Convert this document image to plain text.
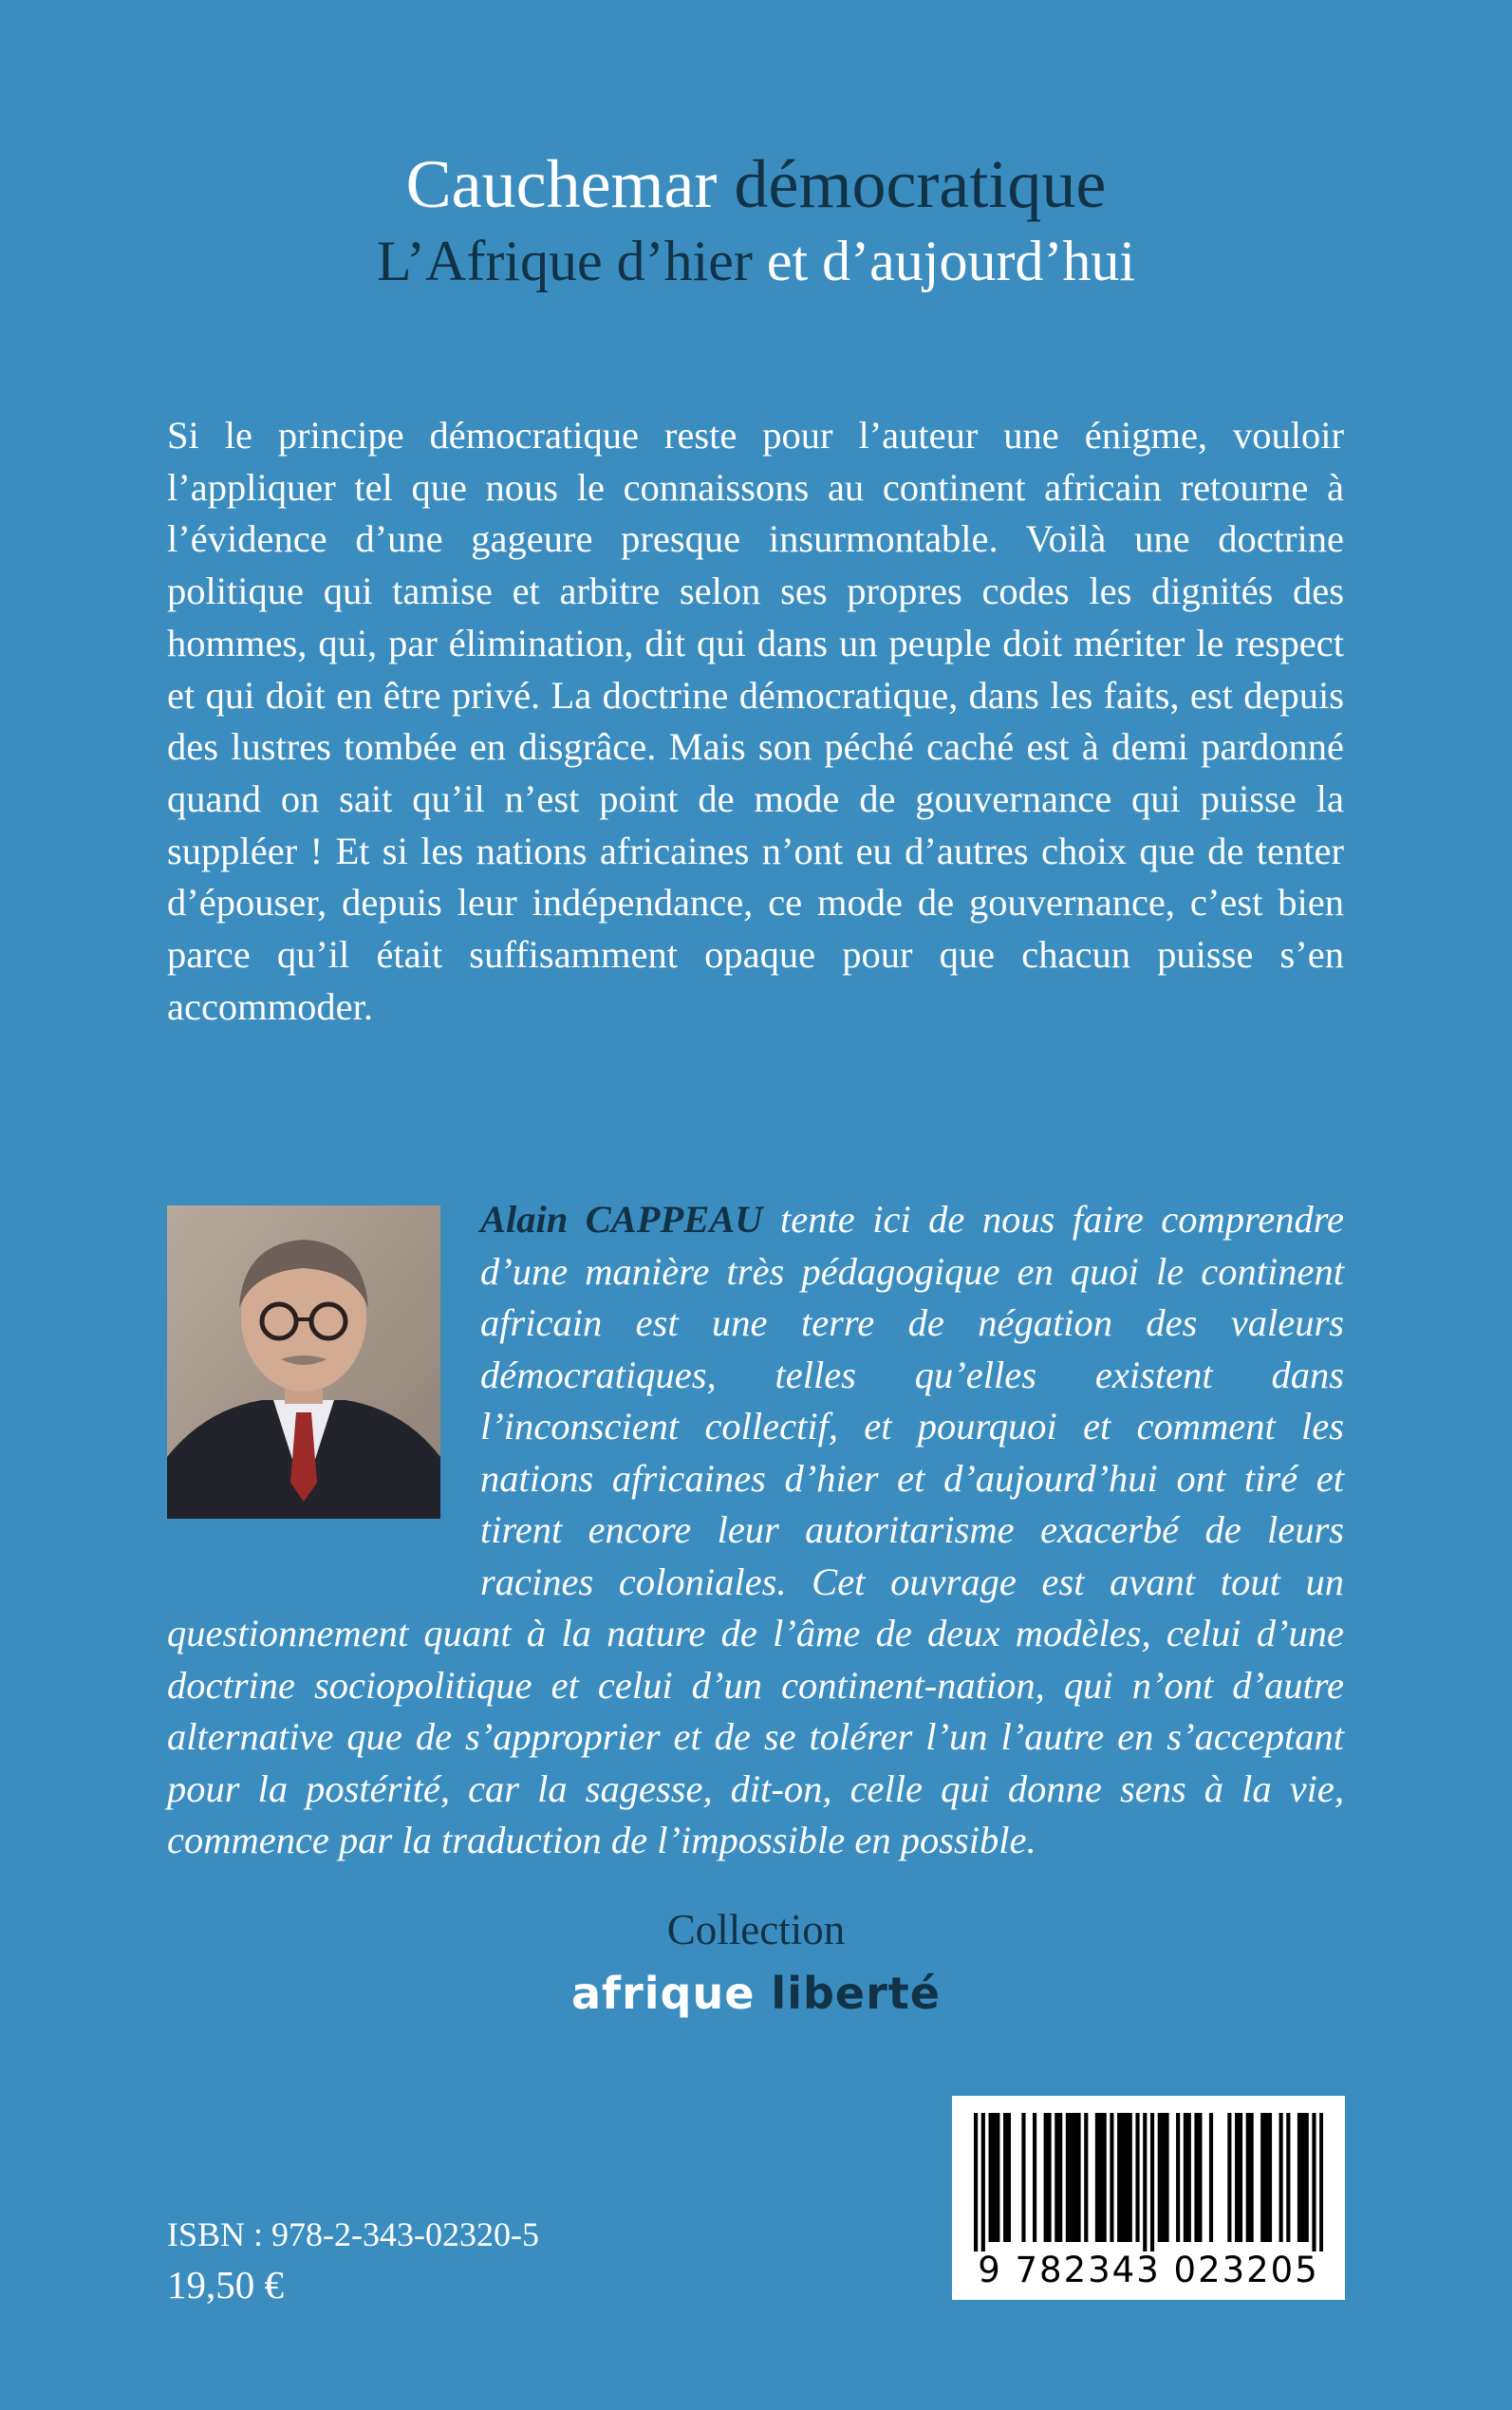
Cauchemar démocratique
L’Afrique d’hier et d’aujourd’hui

Si le principe démocratique reste pour l’auteur une énigme, vouloir l’appliquer tel que nous le connaissons au continent africain retourne à l’évidence d’une gageure presque insurmontable. Voilà une doctrine politique qui tamise et arbitre selon ses propres codes les dignités des hommes, qui, par élimination, dit qui dans un peuple doit mériter le respect et qui doit en être privé. La doctrine démocratique, dans les faits, est depuis des lustres tombée en disgrâce. Mais son péché caché est à demi pardonné quand on sait qu’il n’est point de mode de gouvernance qui puisse la suppléer ! Et si les nations africaines n’ont eu d’autres choix que de tenter d’épouser, depuis leur indépendance, ce mode de gouvernance, c’est bien parce qu’il était suffisamment opaque pour que chacun puisse s’en accommoder.

Alain CAPPEAU tente ici de nous faire comprendre d’une manière très pédagogique en quoi le continent africain est une terre de négation des valeurs démocratiques, telles qu’elles existent dans l’inconscient collectif, et pourquoi et comment les nations africaines d’hier et d’aujourd’hui ont tiré et tirent encore leur autoritarisme exacerbé de leurs racines coloniales. Cet ouvrage est avant tout un questionnement quant à la nature de l’âme de deux modèles, celui d’une doctrine sociopolitique et celui d’un continent-nation, qui n’ont d’autre alternative que de s’approprier et de se tolérer l’un l’autre en s’acceptant pour la postérité, car la sagesse, dit-on, celle qui donne sens à la vie, commence par la traduction de l’impossible en possible.

Collection
afrique liberté
ISBN : 978-2-343-02320-5
19,50 €	9 782343 023205
